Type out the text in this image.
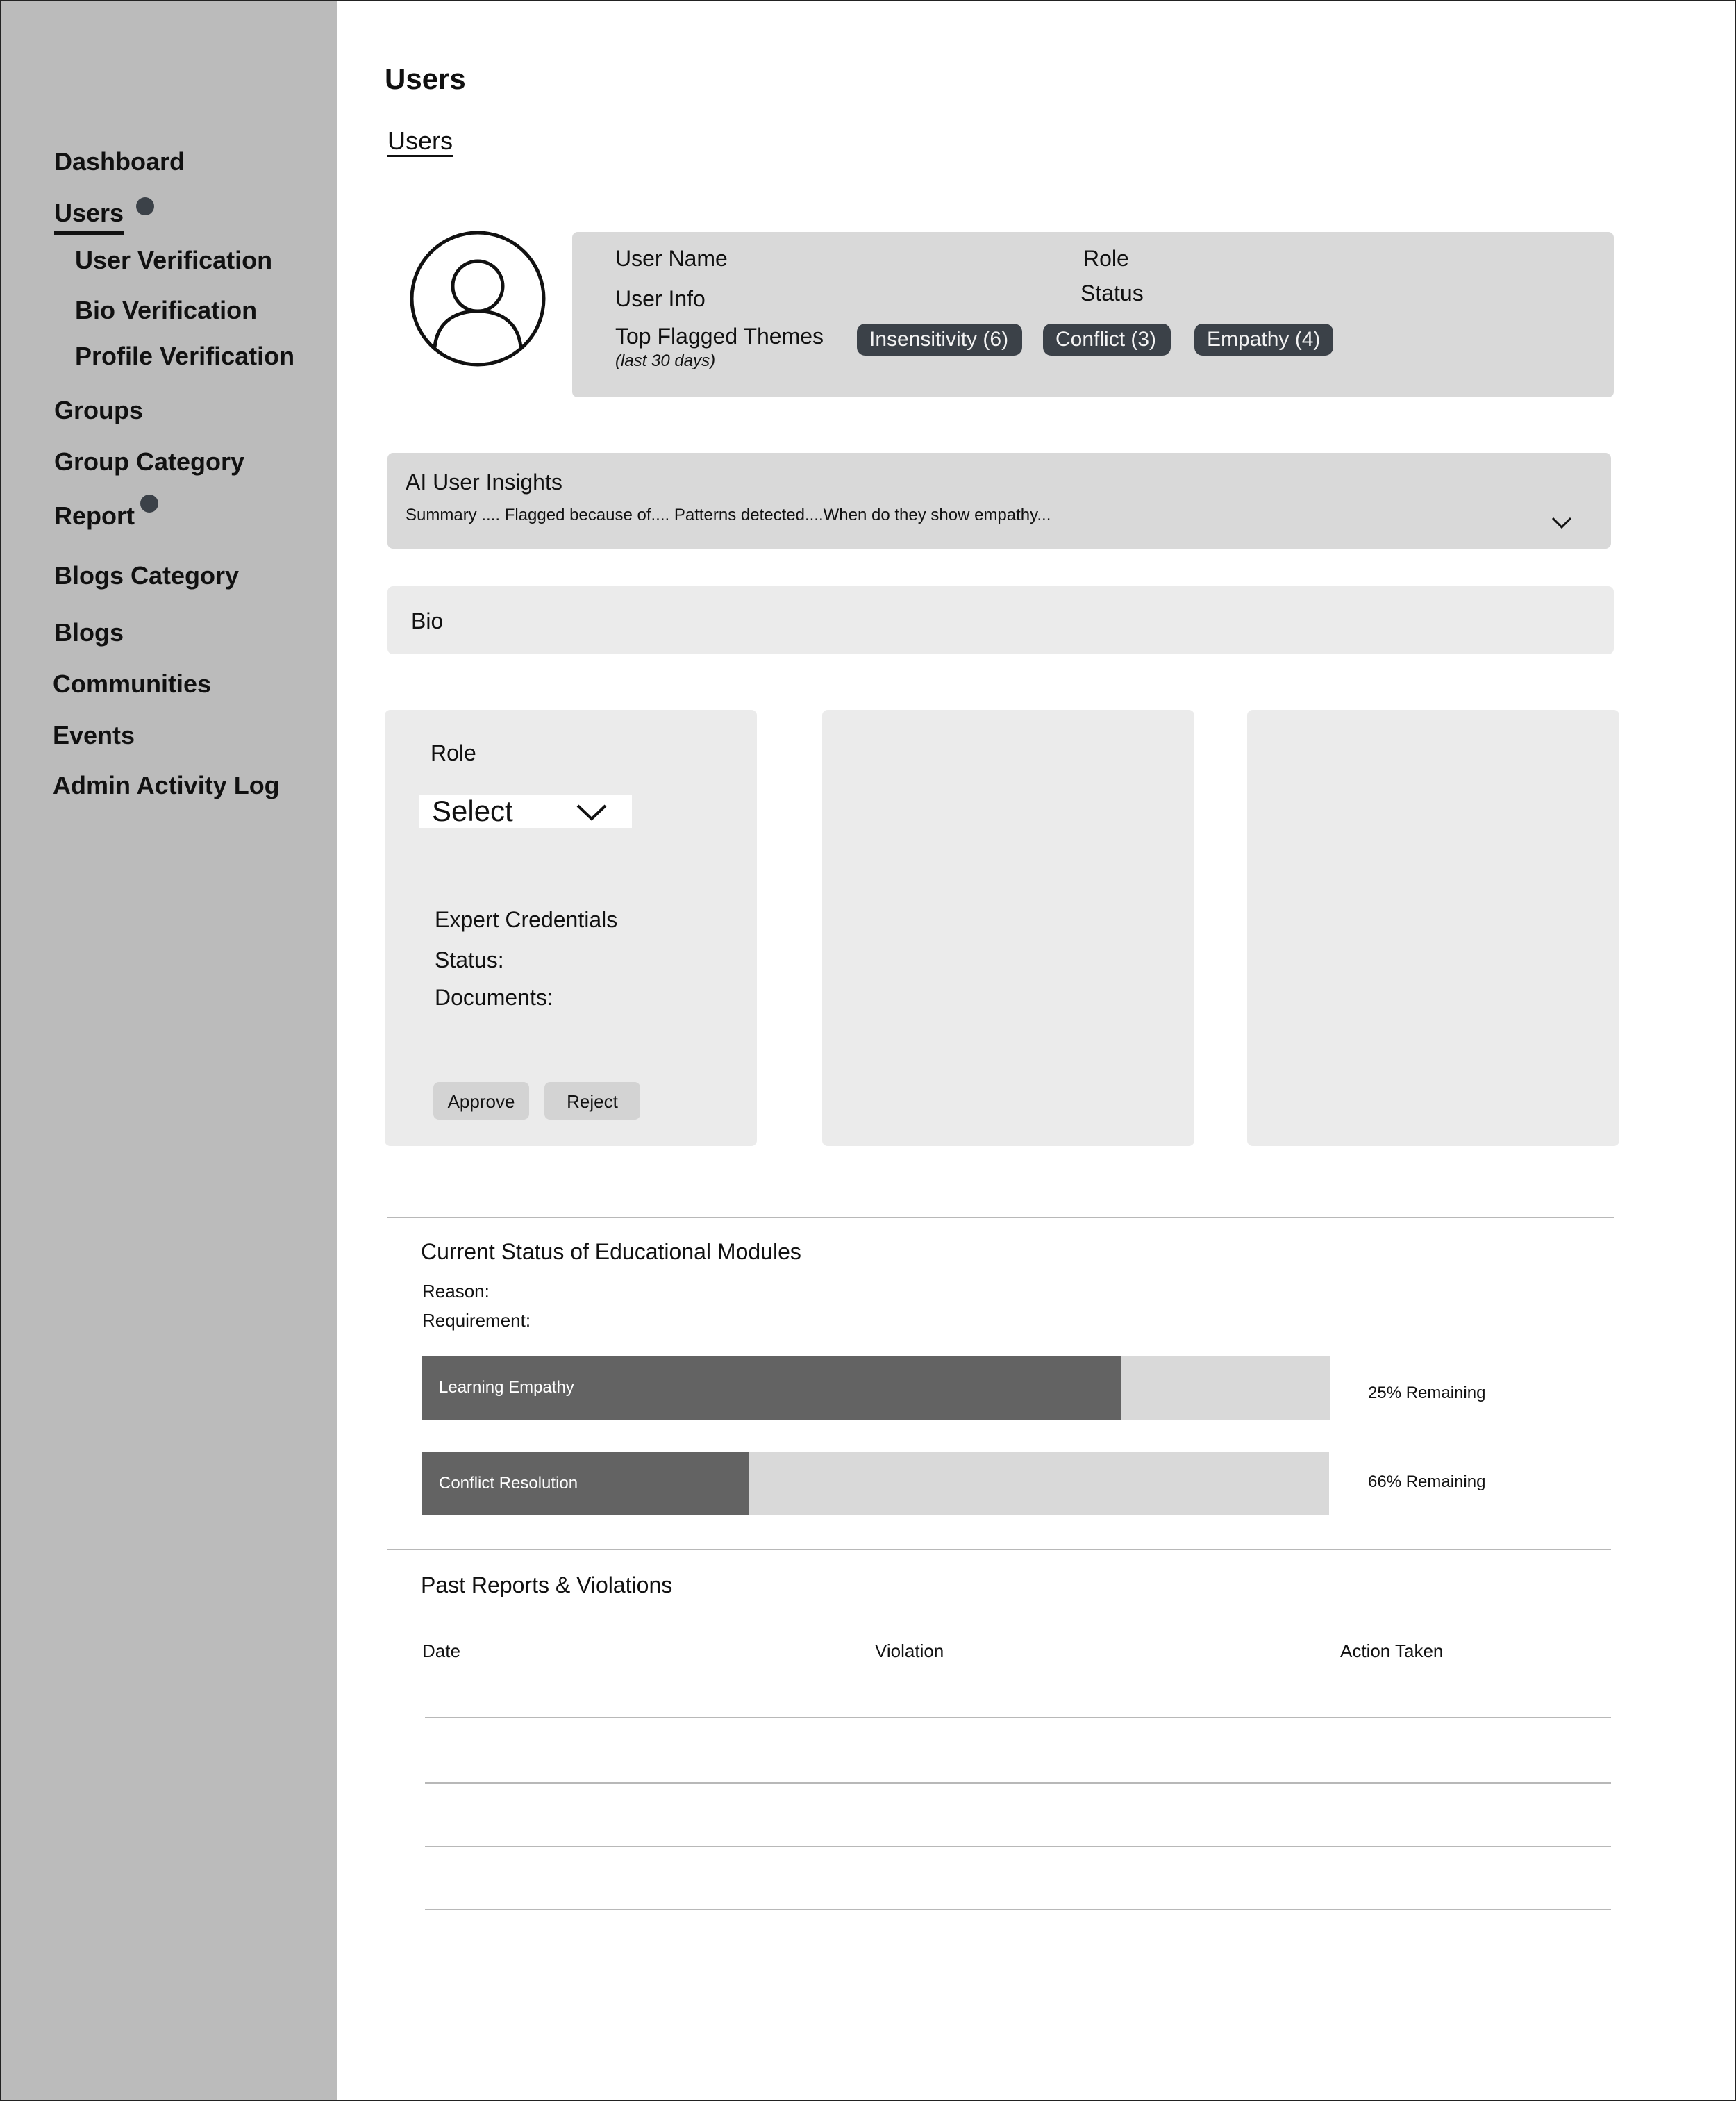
Dashboard
Users
User Verification
Bio Verification
Profile Verification
Groups
Group Category
Report
Blogs Category
Blogs
Communities
Events
Admin Activity Log
Users
Users
User Name	Role
User Info	Status
Top Flagged Themes
(last 30 days)
Insensitivity (6)	Conflict (3)	Empathy (4)
AI User Insights
Summary .... Flagged because of.... Patterns detected....When do they show empathy...
Bio
Role
Select
Expert Credentials
Status:
Documents:
Approve	Reject
Current Status of Educational Modules
Reason:
Requirement:
Learning Empathy	25% Remaining
Conflict Resolution	66% Remaining
Past Reports & Violations
Date	Violation	Action Taken
